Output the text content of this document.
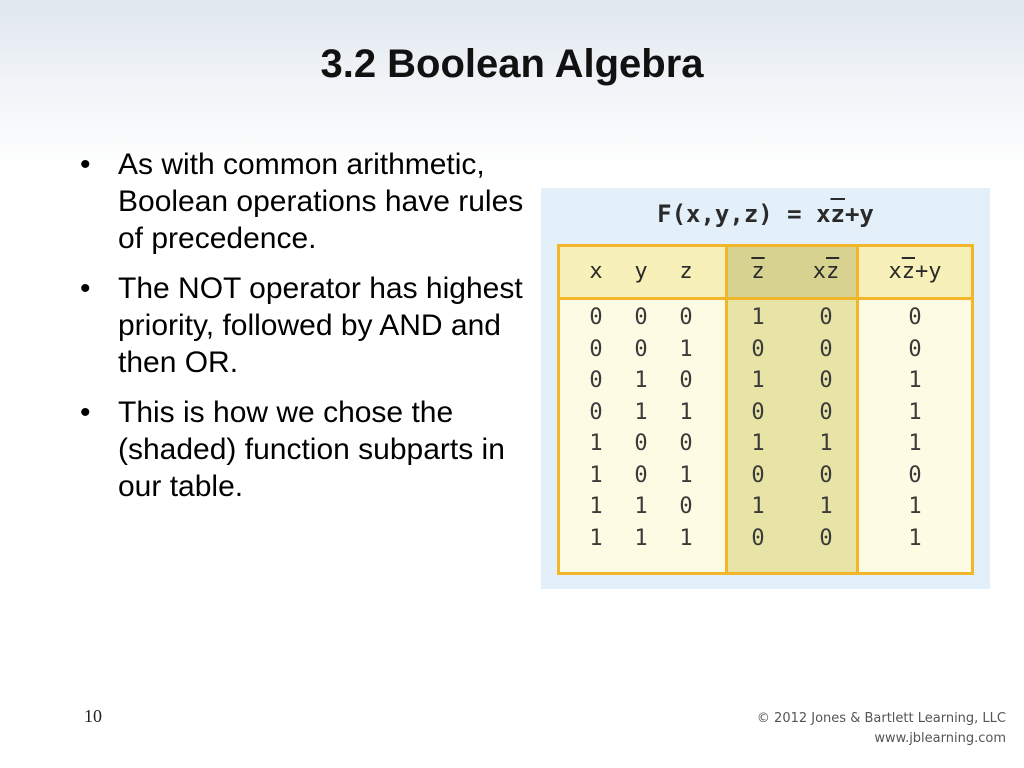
3.2 Boolean Algebra
• As with common arithmetic, Boolean operations have rules of precedence.
• The NOT operator has highest priority, followed by AND and then OR.
• This is how we chose the (shaded) function subparts in our table.
$F(x,y,z) = x\overline{z}+y$
x	y	z	$\overline{z}$	$x\overline{z}$	$x\overline{z}+y$
0	0	0	1	0	0
0	0	1	0	0	0
0	1	0	1	0	1
0	1	1	0	0	1
1	0	0	1	1	1
1	0	1	0	0	0
1	1	0	1	1	1
1	1	1	0	0	1
10	© 2012 Jones & Bartlett Learning, LLC
www.jblearning.com
